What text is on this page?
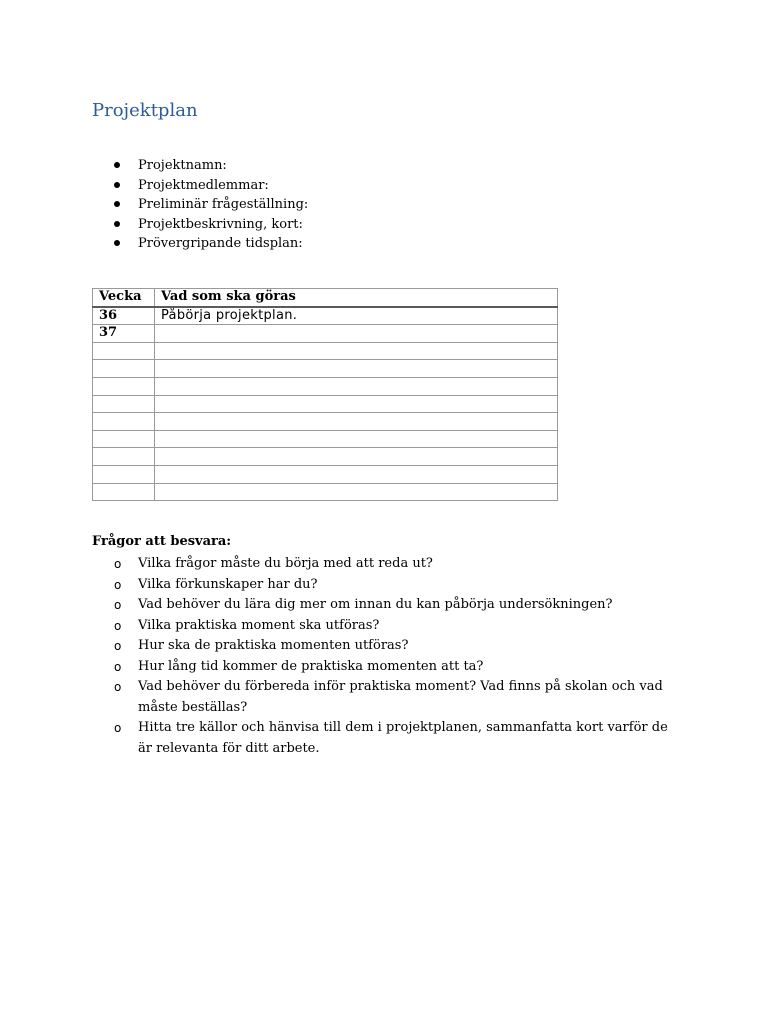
Projektplan
Projektnamn:
Projektmedlemmar:
Preliminär frågeställning:
Projektbeskrivning, kort:
Prövergripande tidsplan:
Vecka	Vad som ska göras
36	Påbörja projektplan.
37	

Frågor att besvara:
o Vilka frågor måste du börja med att reda ut?
o Vilka förkunskaper har du?
o Vad behöver du lära dig mer om innan du kan påbörja undersökningen?
o Vilka praktiska moment ska utföras?
o Hur ska de praktiska momenten utföras?
o Hur lång tid kommer de praktiska momenten att ta?
o Vad behöver du förbereda inför praktiska moment? Vad finns på skolan och vad måste beställas?
o Hitta tre källor och hänvisa till dem i projektplanen, sammanfatta kort varför de är relevanta för ditt arbete.
